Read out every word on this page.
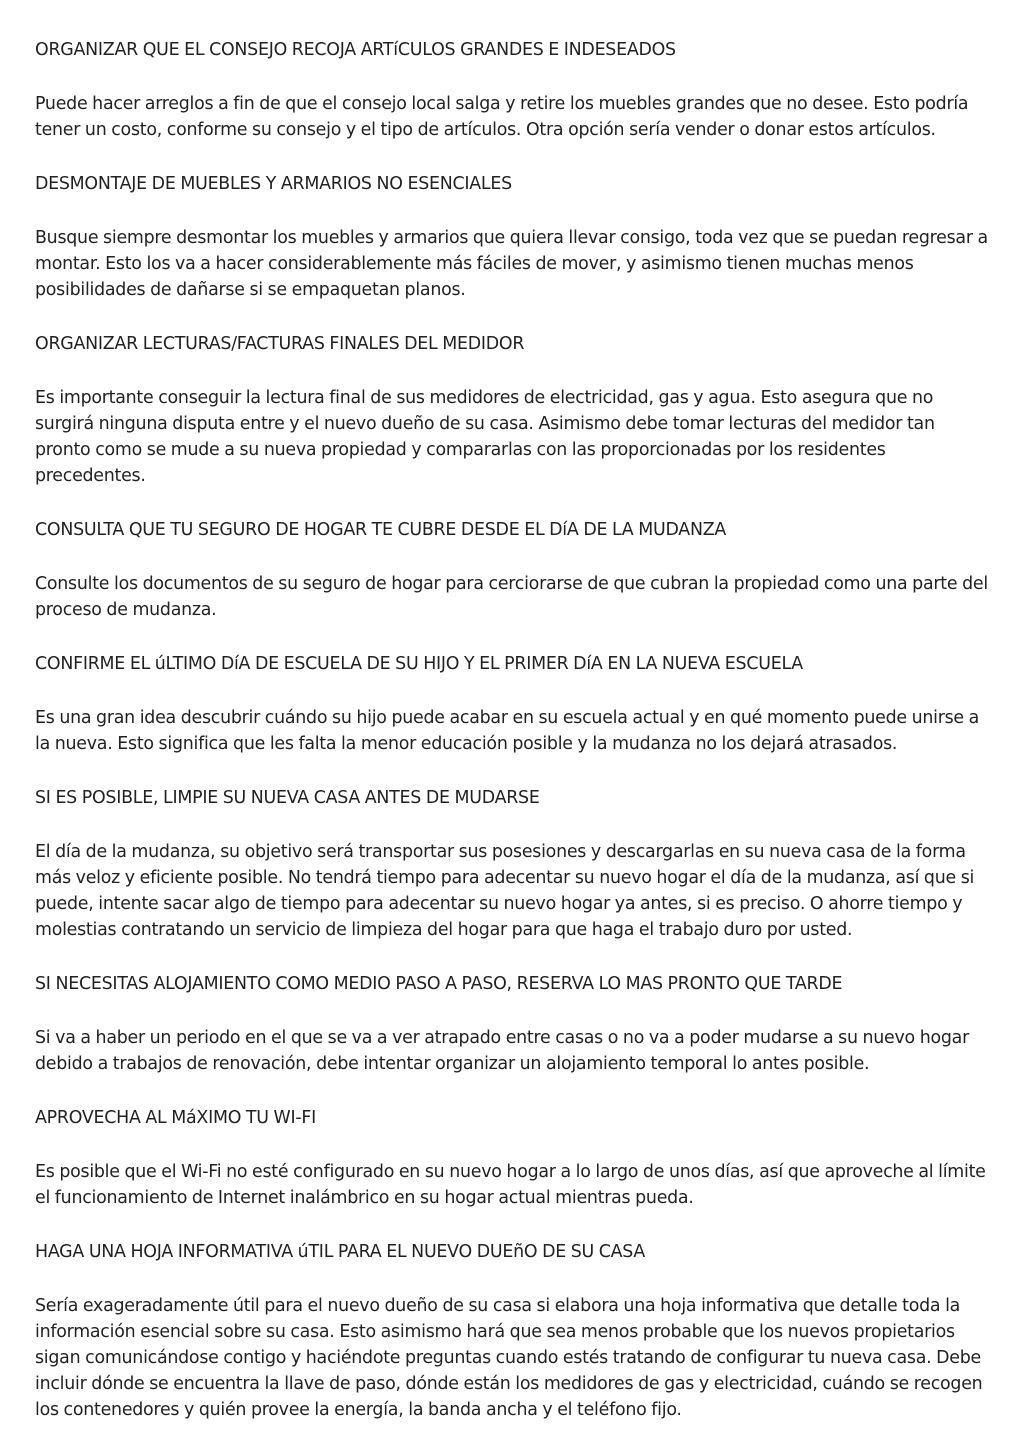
ORGANIZAR QUE EL CONSEJO RECOJA ARTíCULOS GRANDES E INDESEADOS

Puede hacer arreglos a fin de que el consejo local salga y retire los muebles grandes que no desee. Esto podría tener un costo, conforme su consejo y el tipo de artículos. Otra opción sería vender o donar estos artículos.

DESMONTAJE DE MUEBLES Y ARMARIOS NO ESENCIALES

Busque siempre desmontar los muebles y armarios que quiera llevar consigo, toda vez que se puedan regresar a montar. Esto los va a hacer considerablemente más fáciles de mover, y asimismo tienen muchas menos posibilidades de dañarse si se empaquetan planos.

ORGANIZAR LECTURAS/FACTURAS FINALES DEL MEDIDOR

Es importante conseguir la lectura final de sus medidores de electricidad, gas y agua. Esto asegura que no surgirá ninguna disputa entre y el nuevo dueño de su casa. Asimismo debe tomar lecturas del medidor tan pronto como se mude a su nueva propiedad y compararlas con las proporcionadas por los residentes precedentes.

CONSULTA QUE TU SEGURO DE HOGAR TE CUBRE DESDE EL DíA DE LA MUDANZA

Consulte los documentos de su seguro de hogar para cerciorarse de que cubran la propiedad como una parte del proceso de mudanza.

CONFIRME EL úLTIMO DíA DE ESCUELA DE SU HIJO Y EL PRIMER DíA EN LA NUEVA ESCUELA

Es una gran idea descubrir cuándo su hijo puede acabar en su escuela actual y en qué momento puede unirse a la nueva. Esto significa que les falta la menor educación posible y la mudanza no los dejará atrasados.

SI ES POSIBLE, LIMPIE SU NUEVA CASA ANTES DE MUDARSE

El día de la mudanza, su objetivo será transportar sus posesiones y descargarlas en su nueva casa de la forma más veloz y eficiente posible. No tendrá tiempo para adecentar su nuevo hogar el día de la mudanza, así que si puede, intente sacar algo de tiempo para adecentar su nuevo hogar ya antes, si es preciso. O ahorre tiempo y molestias contratando un servicio de limpieza del hogar para que haga el trabajo duro por usted.

SI NECESITAS ALOJAMIENTO COMO MEDIO PASO A PASO, RESERVA LO MAS PRONTO QUE TARDE

Si va a haber un periodo en el que se va a ver atrapado entre casas o no va a poder mudarse a su nuevo hogar debido a trabajos de renovación, debe intentar organizar un alojamiento temporal lo antes posible.

APROVECHA AL MáXIMO TU WI-FI

Es posible que el Wi-Fi no esté configurado en su nuevo hogar a lo largo de unos días, así que aproveche al límite el funcionamiento de Internet inalámbrico en su hogar actual mientras pueda.

HAGA UNA HOJA INFORMATIVA úTIL PARA EL NUEVO DUEñO DE SU CASA

Sería exageradamente útil para el nuevo dueño de su casa si elabora una hoja informativa que detalle toda la información esencial sobre su casa. Esto asimismo hará que sea menos probable que los nuevos propietarios sigan comunicándose contigo y haciéndote preguntas cuando estés tratando de configurar tu nueva casa. Debe incluir dónde se encuentra la llave de paso, dónde están los medidores de gas y electricidad, cuándo se recogen los contenedores y quién provee la energía, la banda ancha y el teléfono fijo.
